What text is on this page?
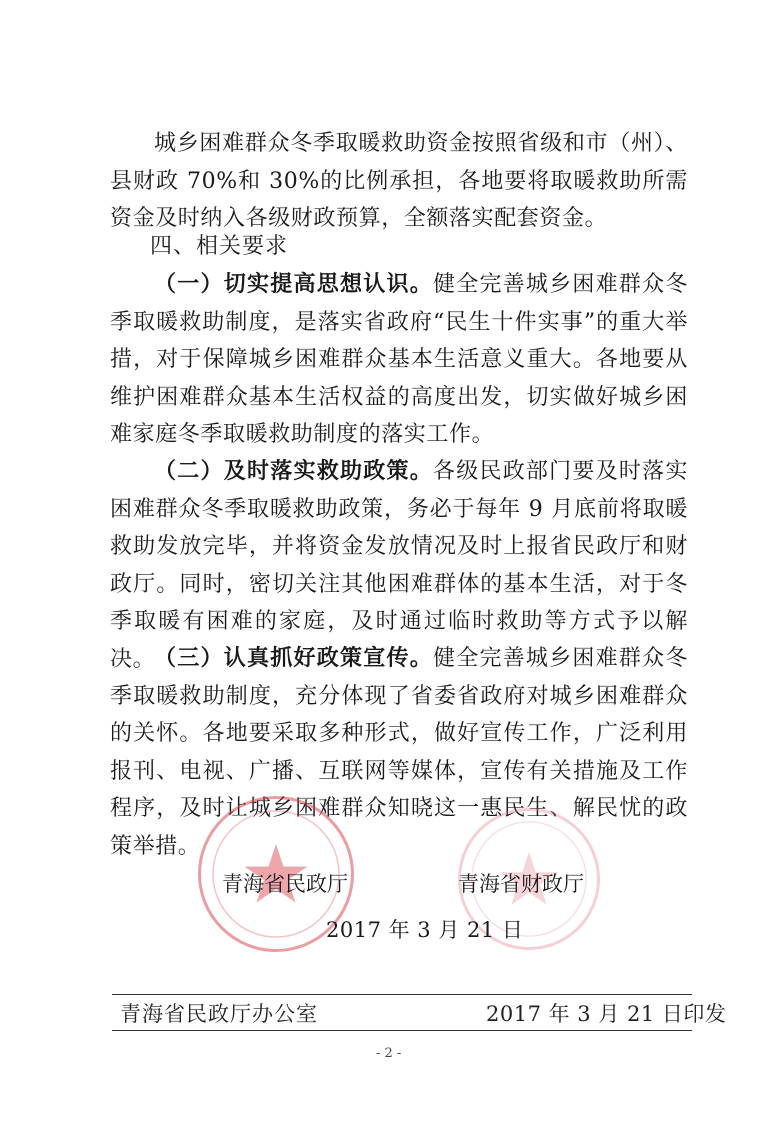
城乡困难群众冬季取暖救助资金按照省级和市（州）、县财政 70%和 30%的比例承担，各地要将取暖救助所需资金及时纳入各级财政预算，全额落实配套资金。

四、相关要求

（一）切实提高思想认识。健全完善城乡困难群众冬季取暖救助制度，是落实省政府“民生十件实事”的重大举措，对于保障城乡困难群众基本生活意义重大。各地要从维护困难群众基本生活权益的高度出发，切实做好城乡困难家庭冬季取暖救助制度的落实工作。

（二）及时落实救助政策。各级民政部门要及时落实困难群众冬季取暖救助政策，务必于每年 9 月底前将取暖救助发放完毕，并将资金发放情况及时上报省民政厅和财政厅。同时，密切关注其他困难群体的基本生活，对于冬季取暖有困难的家庭，及时通过临时救助等方式予以解决。

（三）认真抓好政策宣传。健全完善城乡困难群众冬季取暖救助制度，充分体现了省委省政府对城乡困难群众的关怀。各地要采取多种形式，做好宣传工作，广泛利用报刊、电视、广播、互联网等媒体，宣传有关措施及工作程序，及时让城乡困难群众知晓这一惠民生、解民忧的政策举措。

青海省民政厅	青海省财政厅
2017 年 3 月 21 日
青海省民政厅办公室	2017 年 3 月 21 日印发
- 2 -
